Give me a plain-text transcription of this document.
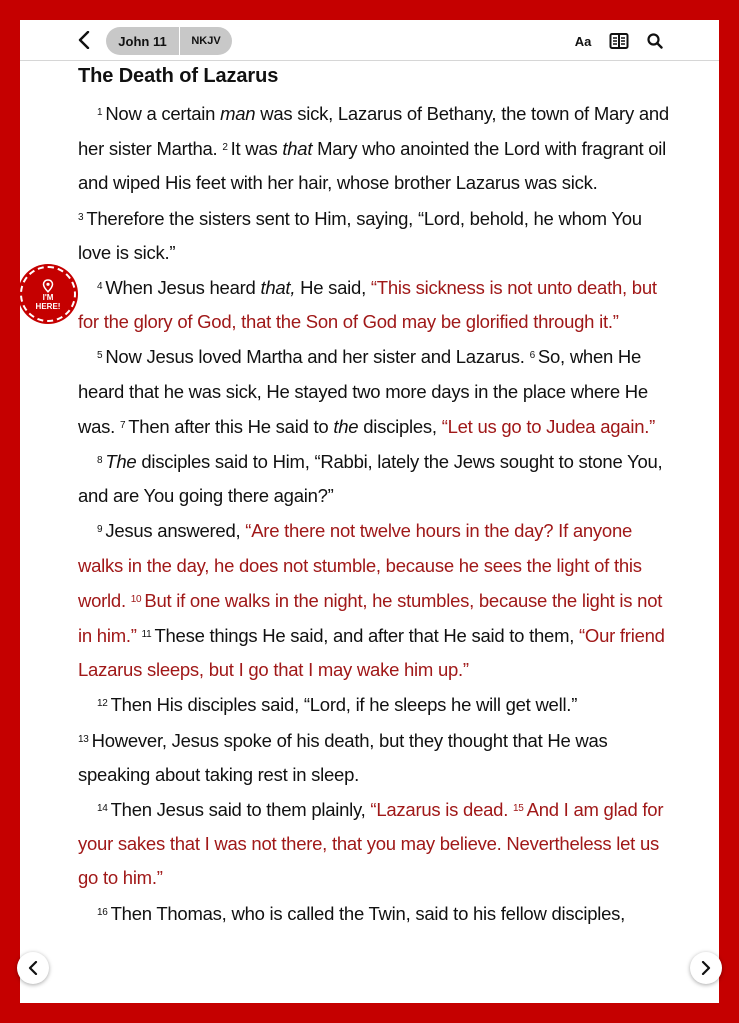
John 11	NKJV	Aa
The Death of Lazarus

$^1$ Now a certain man was sick, Lazarus of Bethany, the town of Mary and her sister Martha. $^2$ It was that Mary who anointed the Lord with fragrant oil and wiped His feet with her hair, whose brother Lazarus was sick. $^3$ Therefore the sisters sent to Him, saying, “Lord, behold, he whom You love is sick.”

$^4$ When Jesus heard that, He said, “This sickness is not unto death, but for the glory of God, that the Son of God may be glorified through it.”

$^5$ Now Jesus loved Martha and her sister and Lazarus. $^6$ So, when He heard that he was sick, He stayed two more days in the place where He was. $^7$ Then after this He said to the disciples, “Let us go to Judea again.”

$^8$ The disciples said to Him, “Rabbi, lately the Jews sought to stone You, and are You going there again?”

$^9$ Jesus answered, “Are there not twelve hours in the day? If anyone walks in the day, he does not stumble, because he sees the light of this world. $^{10}$ But if one walks in the night, he stumbles, because the light is not in him.” $^{11}$ These things He said, and after that He said to them, “Our friend Lazarus sleeps, but I go that I may wake him up.”

$^{12}$ Then His disciples said, “Lord, if he sleeps he will get well.”

$^{13}$ However, Jesus spoke of his death, but they thought that He was speaking about taking rest in sleep.

$^{14}$ Then Jesus said to them plainly, “Lazarus is dead. $^{15}$ And I am glad for your sakes that I was not there, that you may believe. Nevertheless let us go to him.”

$^{16}$ Then Thomas, who is called the Twin, said to his fellow disciples,

I'M
HERE!
